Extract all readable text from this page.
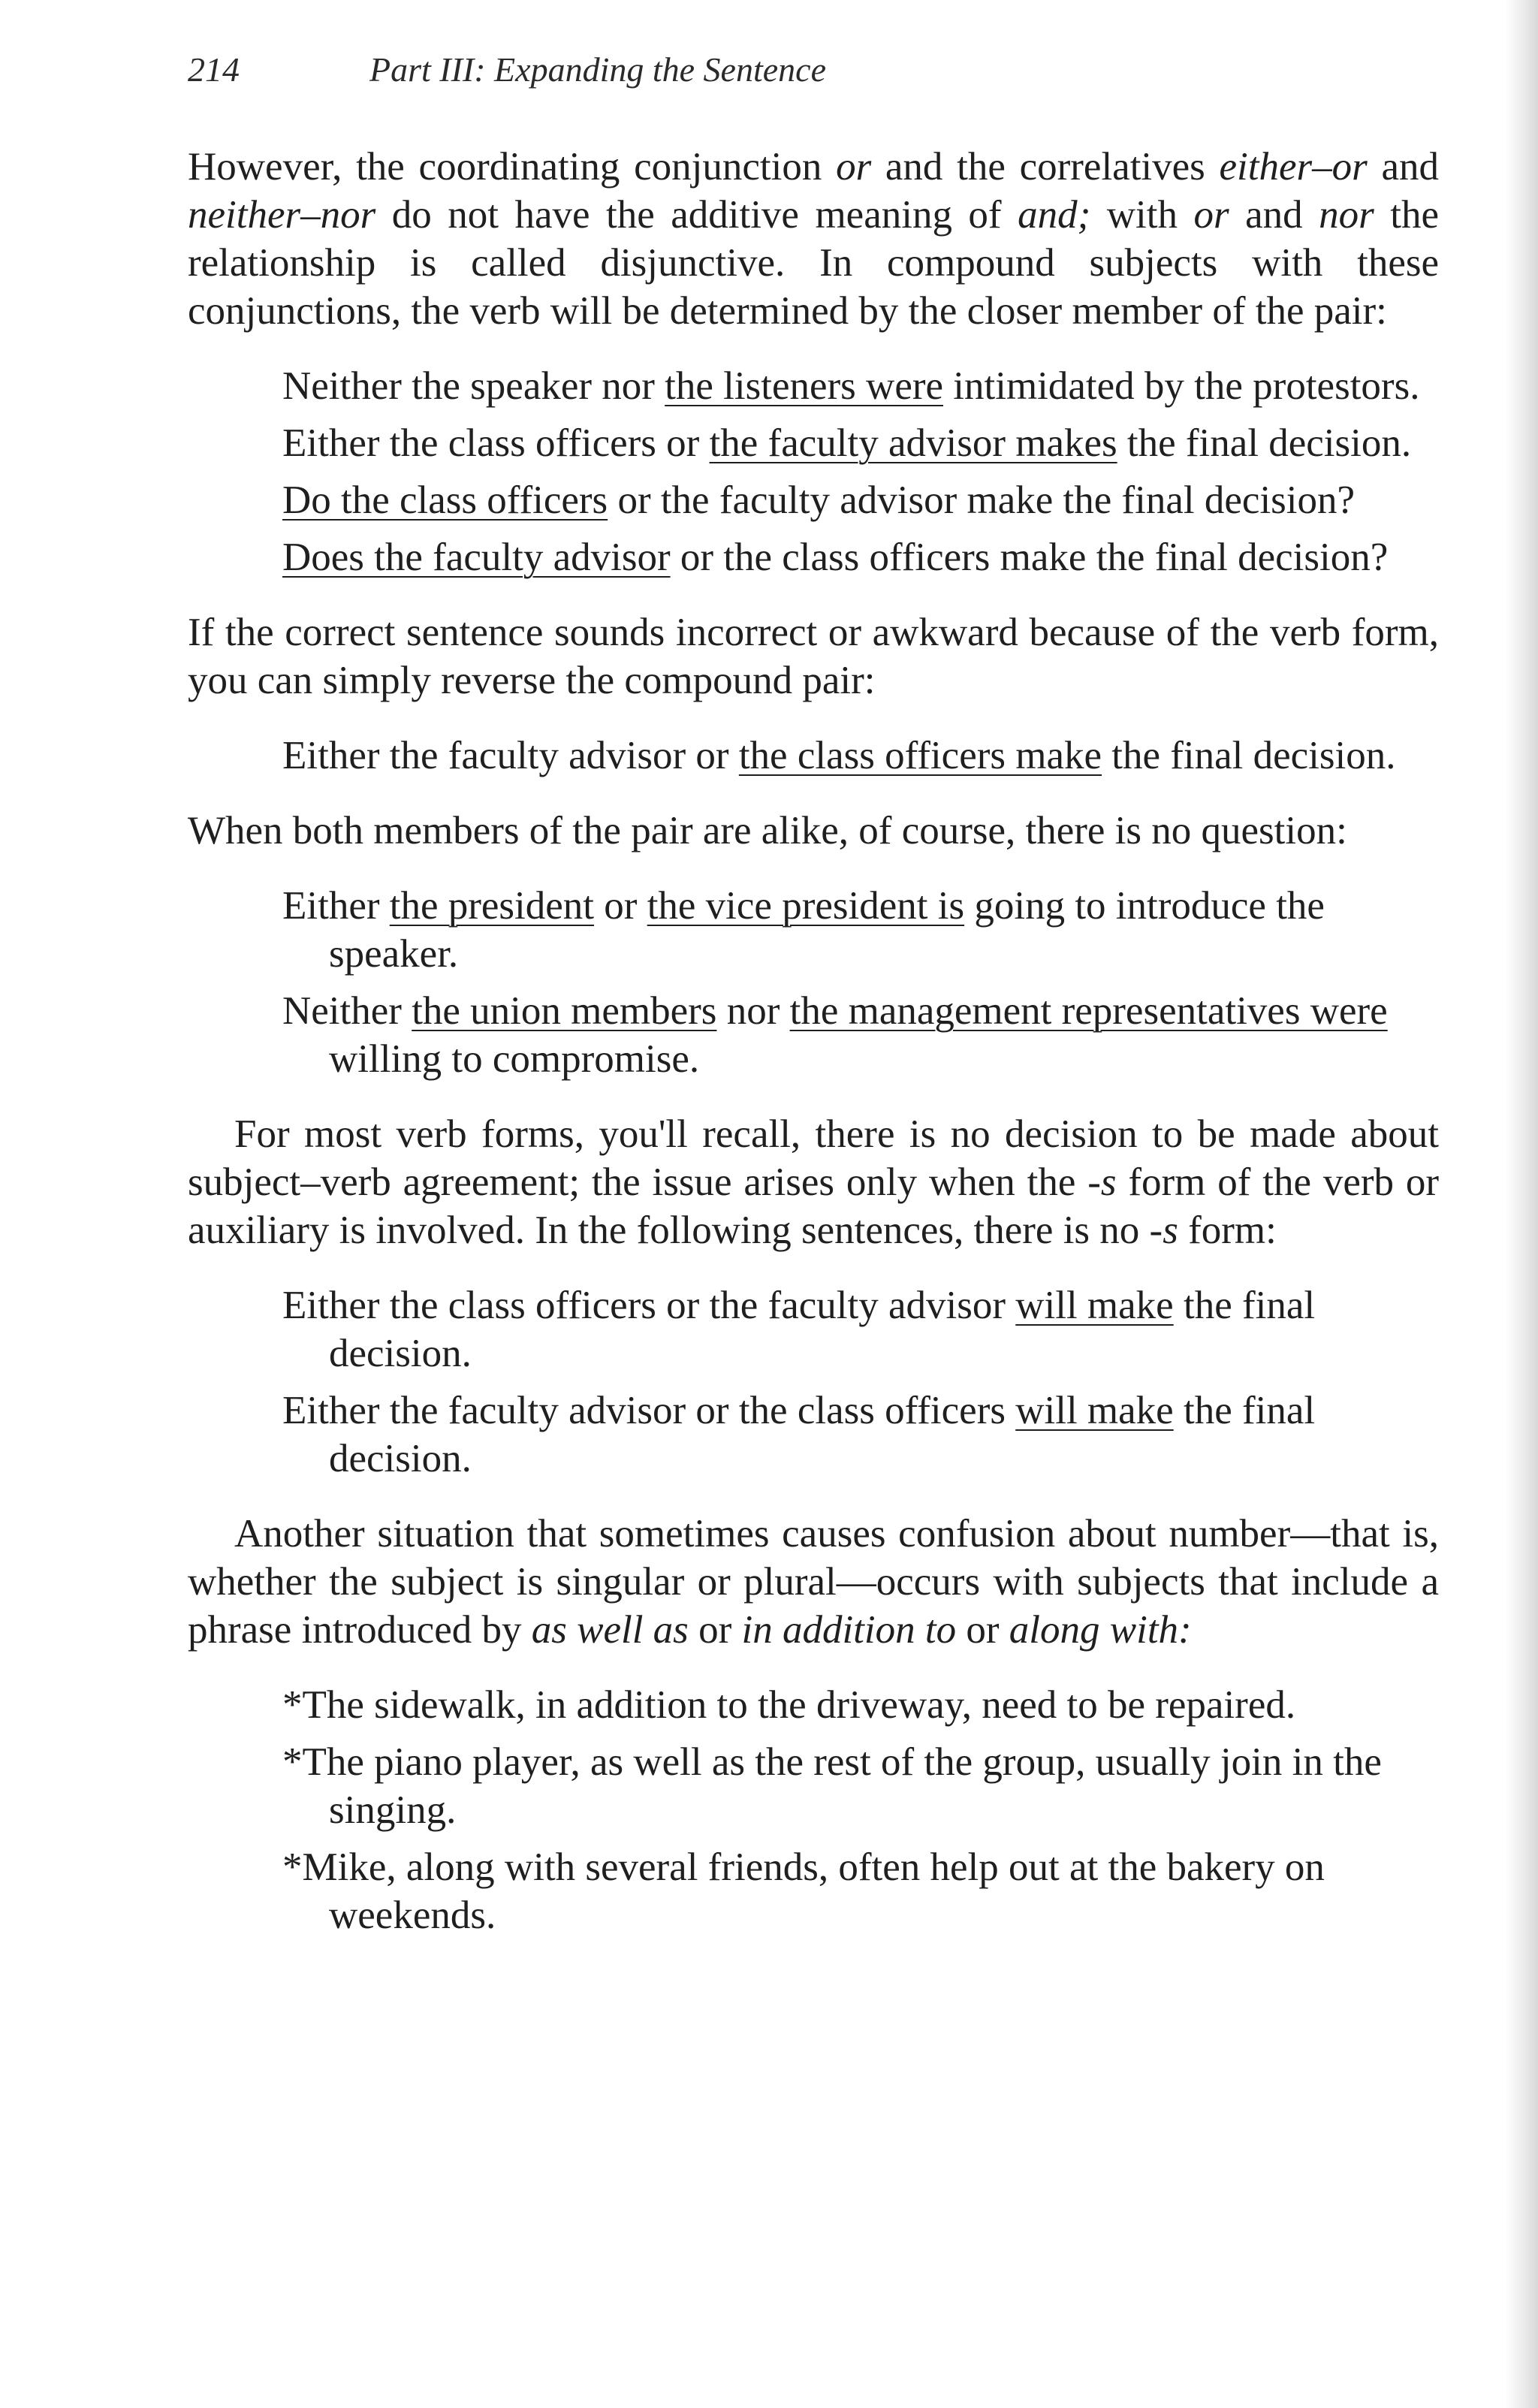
214	Part III: Expanding the Sentence

However, the coordinating conjunction or and the correlatives either–or and neither–nor do not have the additive meaning of and; with or and nor the relationship is called disjunctive. In compound subjects with these conjunctions, the verb will be determined by the closer member of the pair:

Neither the speaker nor the listeners were intimidated by the protestors.

Either the class officers or the faculty advisor makes the final decision.

Do the class officers or the faculty advisor make the final decision?

Does the faculty advisor or the class officers make the final decision?

If the correct sentence sounds incorrect or awkward because of the verb form, you can simply reverse the compound pair:

Either the faculty advisor or the class officers make the final decision.

When both members of the pair are alike, of course, there is no question:

Either the president or the vice president is going to introduce the speaker.

Neither the union members nor the management representatives were willing to compromise.

For most verb forms, you'll recall, there is no decision to be made about subject–verb agreement; the issue arises only when the -s form of the verb or auxiliary is involved. In the following sentences, there is no -s form:

Either the class officers or the faculty advisor will make the final decision.

Either the faculty advisor or the class officers will make the final decision.

Another situation that sometimes causes confusion about number—that is, whether the subject is singular or plural—occurs with subjects that include a phrase introduced by as well as or in addition to or along with:

*The sidewalk, in addition to the driveway, need to be repaired.

*The piano player, as well as the rest of the group, usually join in the singing.

*Mike, along with several friends, often help out at the bakery on weekends.
